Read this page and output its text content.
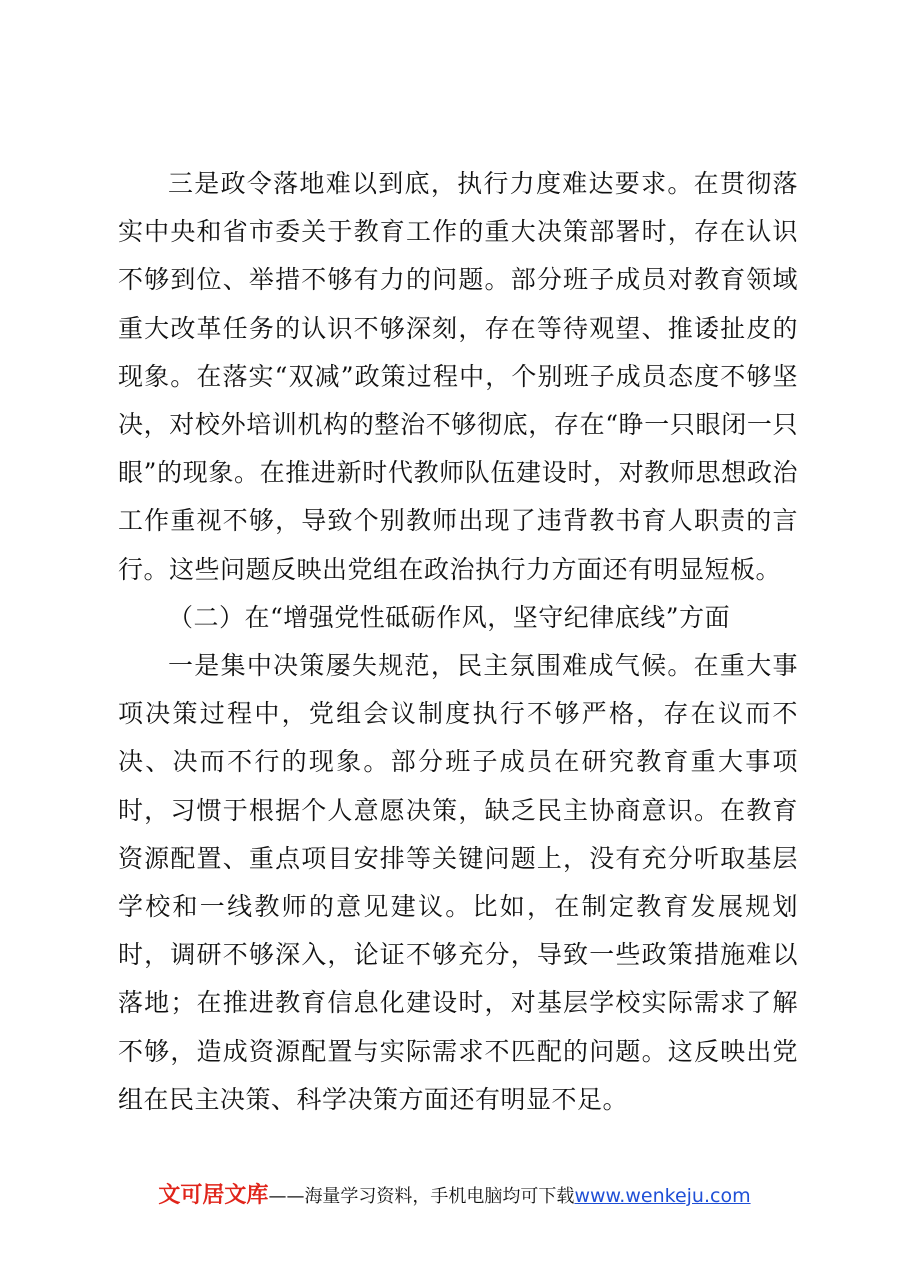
三是政令落地难以到底，执行力度难达要求。在贯彻落实中央和省市委关于教育工作的重大决策部署时，存在认识不够到位、举措不够有力的问题。部分班子成员对教育领域重大改革任务的认识不够深刻，存在等待观望、推诿扯皮的现象。在落实“双减”政策过程中，个别班子成员态度不够坚决，对校外培训机构的整治不够彻底，存在“睁一只眼闭一只眼”的现象。在推进新时代教师队伍建设时，对教师思想政治工作重视不够，导致个别教师出现了违背教书育人职责的言行。这些问题反映出党组在政治执行力方面还有明显短板。

（二）在“增强党性砥砺作风，坚守纪律底线”方面

一是集中决策屡失规范，民主氛围难成气候。在重大事项决策过程中，党组会议制度执行不够严格，存在议而不决、决而不行的现象。部分班子成员在研究教育重大事项时，习惯于根据个人意愿决策，缺乏民主协商意识。在教育资源配置、重点项目安排等关键问题上，没有充分听取基层学校和一线教师的意见建议。比如，在制定教育发展规划时，调研不够深入，论证不够充分，导致一些政策措施难以落地；在推进教育信息化建设时，对基层学校实际需求了解不够，造成资源配置与实际需求不匹配的问题。这反映出党组在民主决策、科学决策方面还有明显不足。

文可居文库——海量学习资料，手机电脑均可下载www.wenkeju.com
